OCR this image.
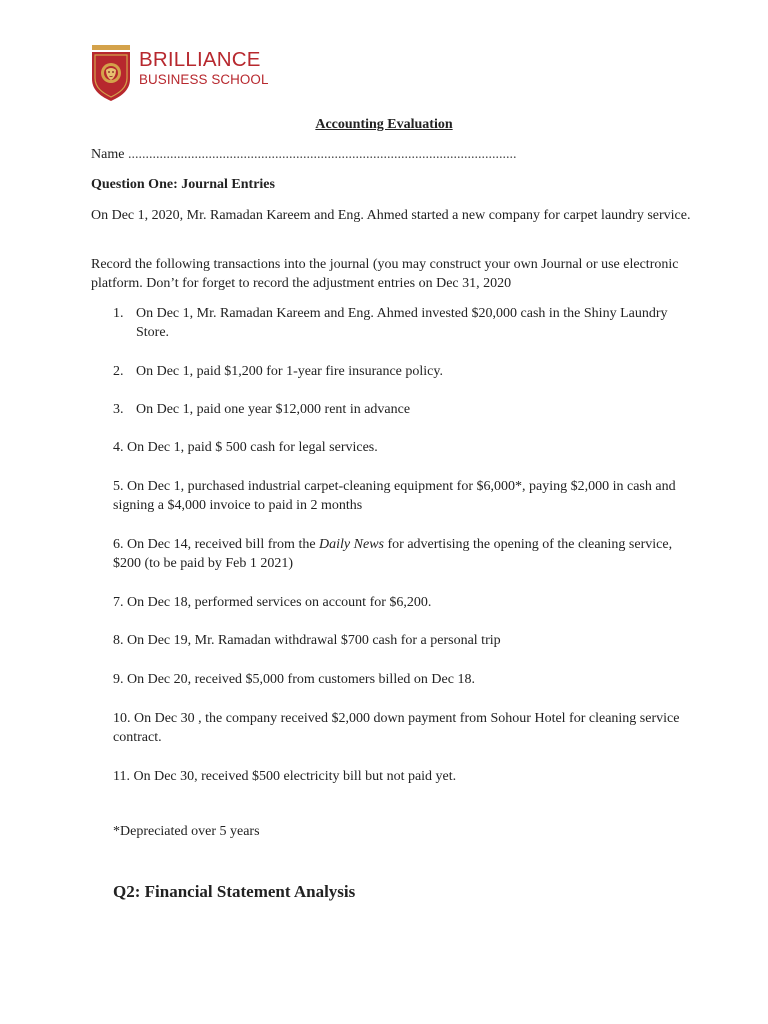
BRILLIANCE
BUSINESS SCHOOL
Accounting Evaluation
Name ...............................................................................................................
Question One: Journal Entries
On Dec 1, 2020, Mr. Ramadan Kareem and Eng. Ahmed started a new company for carpet laundry service.
Record the following transactions into the journal (you may construct your own Journal or use electronic platform. Don’t for forget to record the adjustment entries on Dec 31, 2020
1. On Dec 1, Mr. Ramadan Kareem and Eng. Ahmed invested $20,000 cash in the Shiny Laundry Store.
2. On Dec 1, paid $1,200 for 1-year fire insurance policy.
3. On Dec 1, paid one year $12,000 rent in advance
4. On Dec 1, paid $ 500 cash for legal services.
5. On Dec 1, purchased industrial carpet-cleaning equipment for $6,000*, paying $2,000 in cash and signing a $4,000 invoice to paid in 2 months
6. On Dec 14, received bill from the Daily News for advertising the opening of the cleaning service, $200 (to be paid by Feb 1 2021)
7. On Dec 18, performed services on account for $6,200.
8. On Dec 19, Mr. Ramadan withdrawal $700 cash for a personal trip
9. On Dec 20, received $5,000 from customers billed on Dec 18.
10. On Dec 30 , the company received $2,000 down payment from Sohour Hotel for cleaning service contract.
11. On Dec 30, received $500 electricity bill but not paid yet.
*Depreciated over 5 years
Q2: Financial Statement Analysis
